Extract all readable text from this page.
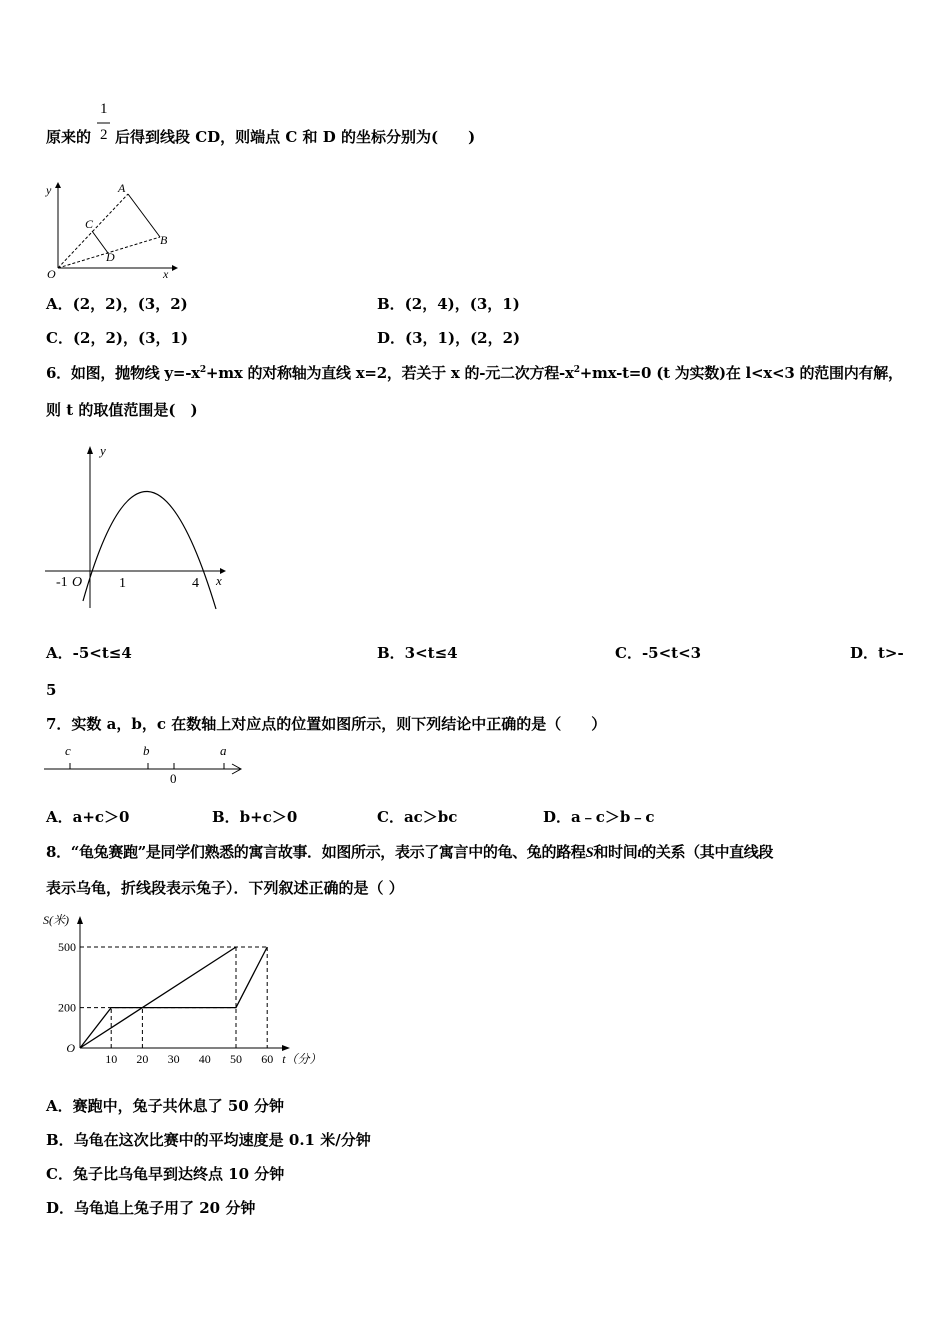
1
2
原来的 后得到线段 CD，则端点 C 和 D 的坐标分别为(　　)
y	A
C
B
O
D
x
A．(2，2)，(3，2)	B．(2，4)，(3，1)
C．(2，2)，(3，1)	D．(3，1)，(2，2)
6．如图，抛物线 $y=-x^2+mx$ 的对称轴为直线 x=2，若关于 x 的-元二次方程$-x^2+mx-t=0$ (t 为实数)在 l<x<3 的范围内有解，
则 t 的取值范围是(　)
y
-1 O	1	4 x
A．-5<t≤4	B．3<t≤4	C．-5<t<3	D．t>-
5
7．实数 a，b，c 在数轴上对应点的位置如图所示，则下列结论中正确的是（　　）
c	b	a
0
A．a+c＞0	B．b+c＞0	C．ac＞bc	D．a﹣c＞b﹣c
8．“龟兔赛跑”是同学们熟悉的寓言故事．如图所示，表示了寓言中的龟、兔的路程S和时间t的关系（其中直线段
表示乌龟，折线段表示兔子）．下列叙述正确的是（ ）
10 20 30 40 50 60
500
200
O
S(米)
t（分）
A．赛跑中，兔子共休息了 50 分钟
B．乌龟在这次比赛中的平均速度是 0.1 米/分钟
C．兔子比乌龟早到达终点 10 分钟
D．乌龟追上兔子用了 20 分钟
